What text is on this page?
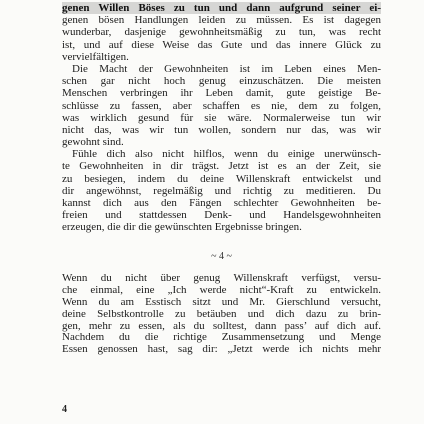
genen Willen Böses zu tun und dann aufgrund seiner ei-
genen bösen Handlungen leiden zu müssen. Es ist dagegen
wunderbar, dasjenige gewohnheitsmäßig zu tun, was recht
ist, und auf diese Weise das Gute und das innere Glück zu
vervielfältigen.
Die Macht der Gewohnheiten ist im Leben eines Men-
schen gar nicht hoch genug einzuschätzen. Die meisten
Menschen verbringen ihr Leben damit, gute geistige Be-
schlüsse zu fassen, aber schaffen es nie, dem zu folgen,
was wirklich gesund für sie wäre. Normalerweise tun wir
nicht das, was wir tun wollen, sondern nur das, was wir
gewohnt sind.
Fühle dich also nicht hilflos, wenn du einige unerwünsch-
te Gewohnheiten in dir trägst. Jetzt ist es an der Zeit, sie
zu besiegen, indem du deine Willenskraft entwickelst und
dir angewöhnst, regelmäßig und richtig zu meditieren. Du
kannst dich aus den Fängen schlechter Gewohnheiten be-
freien und stattdessen Denk- und Handelsgewohnheiten
erzeugen, die dir die gewünschten Ergebnisse bringen.
~ 4 ~
Wenn du nicht über genug Willenskraft verfügst, versu-
che einmal, eine „Ich werde nicht“-Kraft zu entwickeln.
Wenn du am Esstisch sitzt und Mr. Gierschlund versucht,
deine Selbstkontrolle zu betäuben und dich dazu zu brin-
gen, mehr zu essen, als du solltest, dann pass’ auf dich auf.
Nachdem du die richtige Zusammensetzung und Menge
Essen genossen hast, sag dir: „Jetzt werde ich nichts mehr
4
